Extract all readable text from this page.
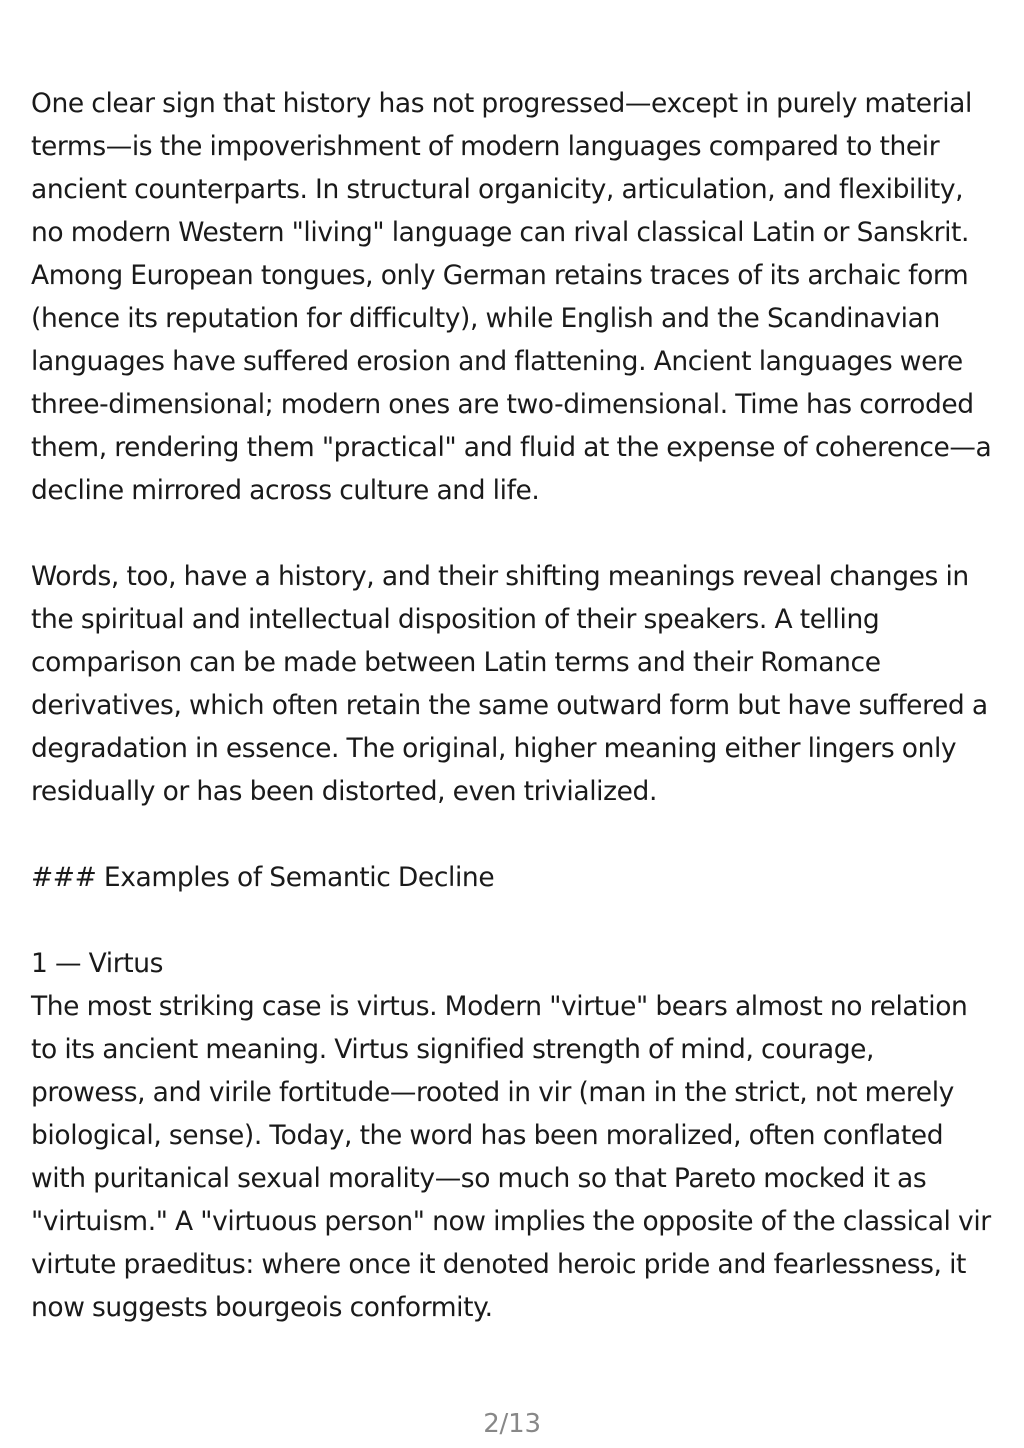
One clear sign that history has not progressed—except in purely material terms—is the impoverishment of modern languages compared to their ancient counterparts. In structural organicity, articulation, and flexibility, no modern Western "living" language can rival classical Latin or Sanskrit. Among European tongues, only German retains traces of its archaic form (hence its reputation for difficulty), while English and the Scandinavian languages have suffered erosion and flattening. Ancient languages were three-dimensional; modern ones are two-dimensional. Time has corroded them, rendering them "practical" and fluid at the expense of coherence—a decline mirrored across culture and life.

Words, too, have a history, and their shifting meanings reveal changes in the spiritual and intellectual disposition of their speakers. A telling comparison can be made between Latin terms and their Romance derivatives, which often retain the same outward form but have suffered a degradation in essence. The original, higher meaning either lingers only residually or has been distorted, even trivialized.

### Examples of Semantic Decline

1 — Virtus

The most striking case is virtus. Modern "virtue" bears almost no relation to its ancient meaning. Virtus signified strength of mind, courage, prowess, and virile fortitude—rooted in vir (man in the strict, not merely biological, sense). Today, the word has been moralized, often conflated with puritanical sexual morality—so much so that Pareto mocked it as "virtuism." A "virtuous person" now implies the opposite of the classical vir virtute praeditus: where once it denoted heroic pride and fearlessness, it now suggests bourgeois conformity.

2/13
